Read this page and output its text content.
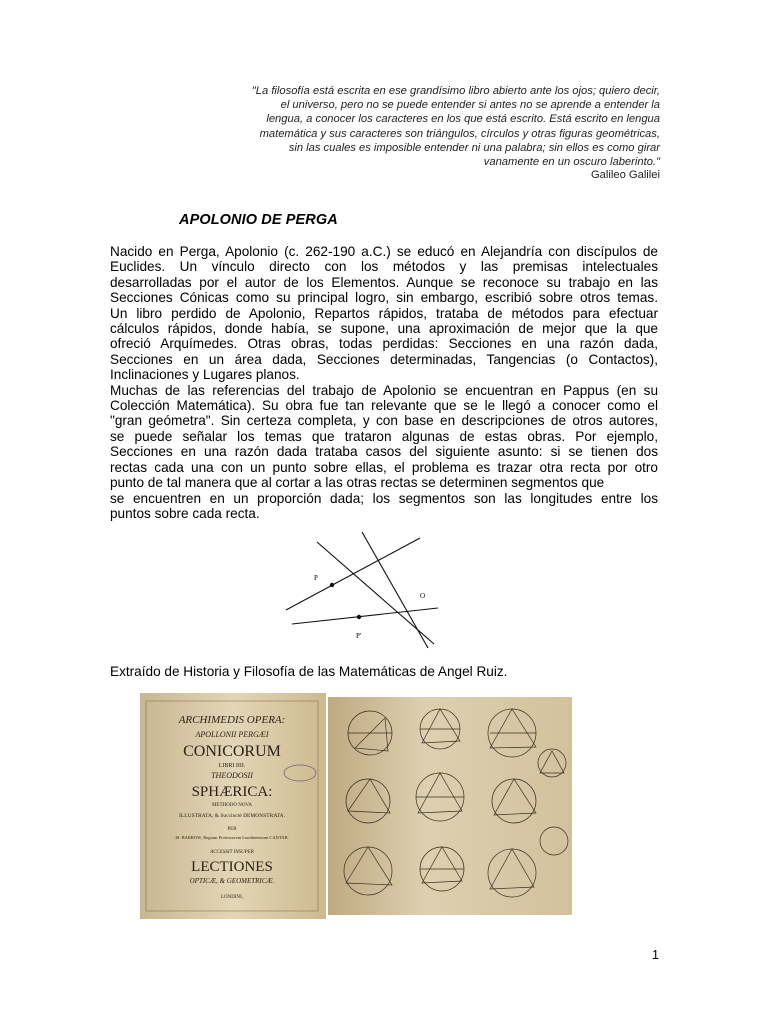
"La filosofía está escrita en ese grandísimo libro abierto ante los ojos; quiero decir,
el universo, pero no se puede entender si antes no se aprende a entender la
lengua, a conocer los caracteres en los que está escrito. Está escrito en lengua
matemática y sus caracteres son triángulos, círculos y otras figuras geométricas,
sin las cuales es imposible entender ni una palabra; sin ellos es como girar
vanamente en un oscuro laberinto."
Galileo Galilei
APOLONIO DE PERGA
Nacido en Perga, Apolonio (c. 262-190 a.C.) se educó en Alejandría con discípulos de
Euclides. Un vínculo directo con los métodos y las premisas intelectuales
desarrolladas por el autor de los Elementos. Aunque se reconoce su trabajo en las
Secciones Cónicas como su principal logro, sin embargo, escribió sobre otros temas.
Un libro perdido de Apolonio, Repartos rápidos, trataba de métodos para efectuar
cálculos rápidos, donde había, se supone, una aproximación de mejor que la que
ofreció Arquímedes. Otras obras, todas perdidas: Secciones en una razón dada,
Secciones en un área dada, Secciones determinadas, Tangencias (o Contactos),
Inclinaciones y Lugares planos.
Muchas de las referencias del trabajo de Apolonio se encuentran en Pappus (en su
Colección Matemática). Su obra fue tan relevante que se le llegó a conocer como el
"gran geómetra". Sin certeza completa, y con base en descripciones de otros autores,
se puede señalar los temas que trataron algunas de estas obras. Por ejemplo,
Secciones en una razón dada trataba casos del siguiente asunto: si se tienen dos
rectas cada una con un punto sobre ellas, el problema es trazar otra recta por otro
punto de tal manera que al cortar a las otras rectas se determinen segmentos que
se encuentren en un proporción dada; los segmentos son las longitudes entre los
puntos sobre cada recta.
P
P'
O
Extraído de Historia y Filosofía de las Matemáticas de Angel Ruiz.
ARCHIMEDIS OPERA:
APOLLONII PERGÆI
CONICORUM
LIBRI IIII.
THEODOSII
SPHÆRICA:
METHODO NOVA
ILLUSTRATA, & Succinctè DEMONSTRATA.
PER
IS. BARROW, Regium Professorem Londinensium CANTAB.
ACCESSIT INSUPER
LECTIONES
OPTICÆ, & GEOMETRICÆ.
LONDINI,
1
